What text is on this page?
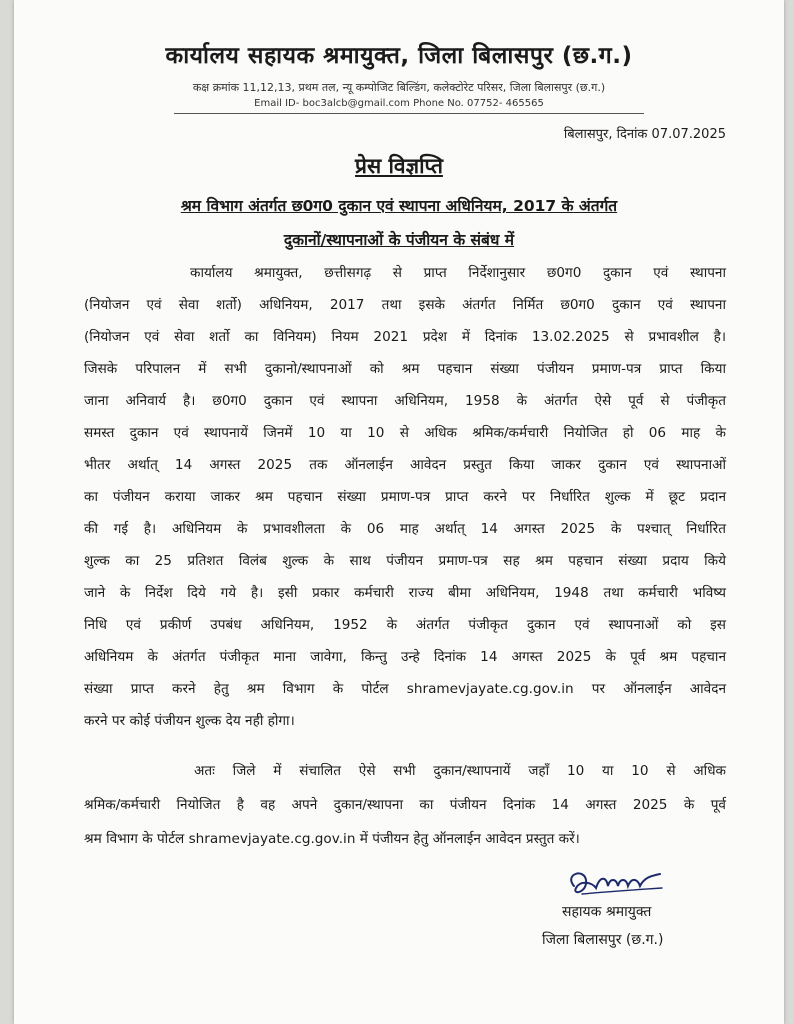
कार्यालय सहायक श्रमायुक्त, जिला बिलासपुर (छ.ग.)
कक्ष क्रमांक 11,12,13, प्रथम तल, न्यू कम्पोजिट बिल्डिंग, कलेक्टोरेट परिसर, जिला बिलासपुर (छ.ग.)
Email ID- boc3alcb@gmail.com Phone No. 07752- 465565
बिलासपुर, दिनांक 07.07.2025
प्रेस विज्ञप्ति
श्रम विभाग अंतर्गत छ0ग0 दुकान एवं स्थापना अधिनियम, 2017 के अंतर्गत
दुकानों/स्थापनाओं के पंजीयन के संबंध में
कार्यालय श्रमायुक्त, छत्तीसगढ़ से प्राप्त निर्देशानुसार छ0ग0 दुकान एवं स्थापना
(नियोजन एवं सेवा शर्तो) अधिनियम, 2017 तथा इसके अंतर्गत निर्मित छ0ग0 दुकान एवं स्थापना
(नियोजन एवं सेवा शर्तो का विनियम) नियम 2021 प्रदेश में दिनांक 13.02.2025 से प्रभावशील है।
जिसके परिपालन में सभी दुकानो/स्थापनाओं को श्रम पहचान संख्या पंजीयन प्रमाण-पत्र प्राप्त किया
जाना अनिवार्य है। छ0ग0 दुकान एवं स्थापना अधिनियम, 1958 के अंतर्गत ऐसे पूर्व से पंजीकृत
समस्त दुकान एवं स्थापनायें जिनमें 10 या 10 से अधिक श्रमिक/कर्मचारी नियोजित हो 06 माह के
भीतर अर्थात् 14 अगस्त 2025 तक ऑनलाईन आवेदन प्रस्तुत किया जाकर दुकान एवं स्थापनाओं
का पंजीयन कराया जाकर श्रम पहचान संख्या प्रमाण-पत्र प्राप्त करने पर निर्धारित शुल्क में छूट प्रदान
की गई है। अधिनियम के प्रभावशीलता के 06 माह अर्थात् 14 अगस्त 2025 के पश्चात् निर्धारित
शुल्क का 25 प्रतिशत विलंब शुल्क के साथ पंजीयन प्रमाण-पत्र सह श्रम पहचान संख्या प्रदाय किये
जाने के निर्देश दिये गये है। इसी प्रकार कर्मचारी राज्य बीमा अधिनियम, 1948 तथा कर्मचारी भविष्य
निधि एवं प्रकीर्ण उपबंध अधिनियम, 1952 के अंतर्गत पंजीकृत दुकान एवं स्थापनाओं को इस
अधिनियम के अंतर्गत पंजीकृत माना जावेगा, किन्तु उन्हे दिनांक 14 अगस्त 2025 के पूर्व श्रम पहचान
संख्या प्राप्त करने हेतु श्रम विभाग के पोर्टल shramevjayate.cg.gov.in पर ऑनलाईन आवेदन
करने पर कोई पंजीयन शुल्क देय नही होगा।
अतः जिले में संचालित ऐसे सभी दुकान/स्थापनायें जहाँ 10 या 10 से अधिक
श्रमिक/कर्मचारी नियोजित है वह अपने दुकान/स्थापना का पंजीयन दिनांक 14 अगस्त 2025 के पूर्व
श्रम विभाग के पोर्टल shramevjayate.cg.gov.in में पंजीयन हेतु ऑनलाईन आवेदन प्रस्तुत करें।
सहायक श्रमायुक्त
जिला बिलासपुर (छ.ग.)
